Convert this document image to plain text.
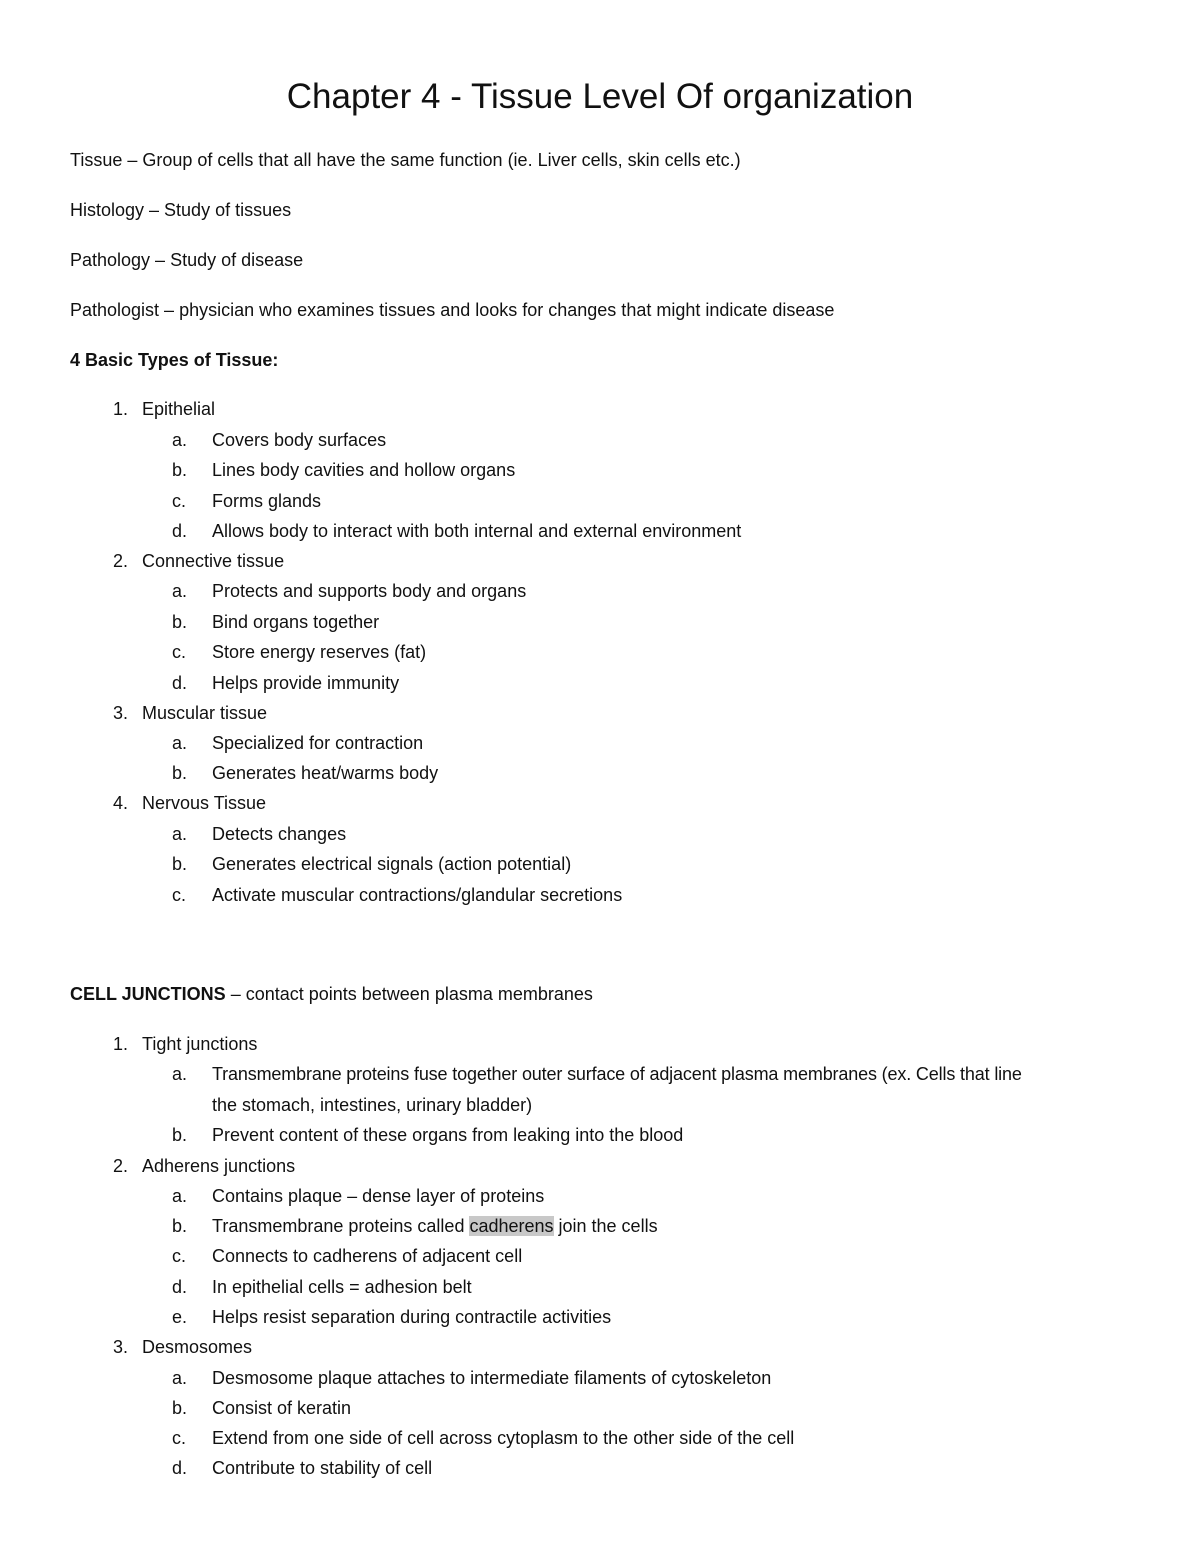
Chapter 4 - Tissue Level Of organization
Tissue – Group of cells that all have the same function (ie. Liver cells, skin cells etc.)
Histology – Study of tissues
Pathology – Study of disease
Pathologist – physician who examines tissues and looks for changes that might indicate disease
4 Basic Types of Tissue:
1. Epithelial
a.	Covers body surfaces
b.	Lines body cavities and hollow organs
c.	Forms glands
d.	Allows body to interact with both internal and external environment
2. Connective tissue
a.	Protects and supports body and organs
b.	Bind organs together
c.	Store energy reserves (fat)
d.	Helps provide immunity
3. Muscular tissue
a.	Specialized for contraction
b.	Generates heat/warms body
4. Nervous Tissue
a.	Detects changes
b.	Generates electrical signals (action potential)
c.	Activate muscular contractions/glandular secretions
CELL JUNCTIONS – contact points between plasma membranes
1. Tight junctions
a.	Transmembrane proteins fuse together outer surface of adjacent plasma membranes (ex. Cells that line
the stomach, intestines, urinary bladder)
b.	Prevent content of these organs from leaking into the blood
2. Adherens junctions
a.	Contains plaque – dense layer of proteins
b.	Transmembrane proteins called cadherens join the cells
c.	Connects to cadherens of adjacent cell
d.	In epithelial cells = adhesion belt
e.	Helps resist separation during contractile activities
3. Desmosomes
a.	Desmosome plaque attaches to intermediate filaments of cytoskeleton
b.	Consist of keratin
c.	Extend from one side of cell across cytoplasm to the other side of the cell
d.	Contribute to stability of cell
